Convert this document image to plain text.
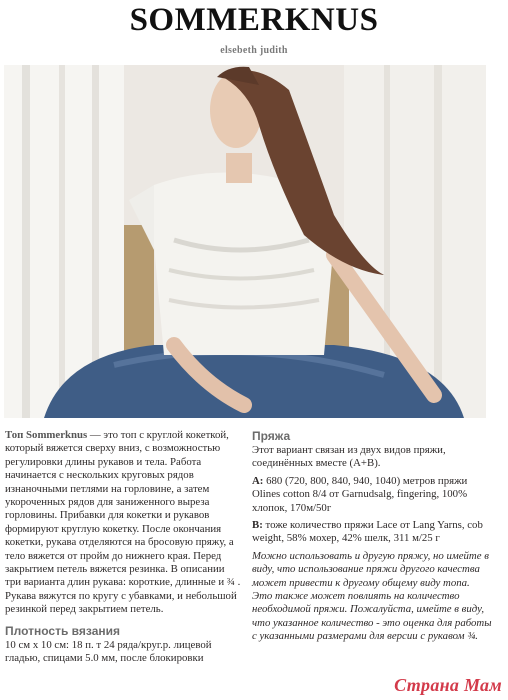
SOMMERKNUS
elsebeth judith

Топ Sommerknus — это топ с круглой кокеткой, который вяжется сверху вниз, с возможностью регулировки длины рукавов и тела. Работа начинается с нескольких круговых рядов изнаночными петлями на горловине, а затем укороченных рядов для заниженного выреза горловины. Прибавки для кокетки и рукавов формируют круглую кокетку. После окончания кокетки, рукава отделяются на бросовую пряжу, а тело вяжется от пройм до нижнего края. Перед закрытием петель вяжется резинка. В описании три варианта длин рукава: короткие, длинные и ¾ . Рукава вяжутся по кругу с убавками, и небольшой резинкой перед закрытием петель.

Плотность вязания

10 см х 10 см: 18 п. т 24 ряда/круг.р. лицевой гладью, спицами 5.0 мм, после блокировки

Пряжа

Этот вариант связан из двух видов пряжи, соединённых вместе (А+В).

A: 680 (720, 800, 840, 940, 1040) метров пряжи Olines cotton 8/4 от Garnudsalg, fingering, 100% хлопок, 170м/50г

B: тоже количество пряжи Lace от Lang Yarns, cob weight, 58% мохер, 42% шелк, 311 м/25 г

Можно использовать и другую пряжу, но имейте в виду, что использование пряжи другого качества может привести к другому общему виду топа. Это также может повлиять на количество необходимой пряжи. Пожалуйста, имейте в виду, что указанное количество - это оценка для работы с указанными размерами для версии с рукавом ¾.

Страна Мам
